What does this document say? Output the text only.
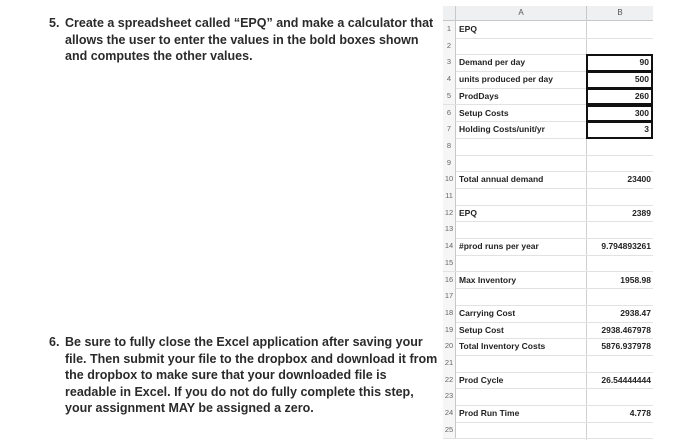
5. Create a spreadsheet called “EPQ” and make a calculator that allows the user to enter the values in the bold boxes shown and computes the other values.
6. Be sure to fully close the Excel application after saving your file. Then submit your file to the dropbox and download it from the dropbox to make sure that your downloaded file is readable in Excel. If you do not do fully complete this step, your assignment MAY be assigned a zero.
A	B
1 EPQ
2
3 Demand per day	90
4 units produced per day	500
5 ProdDays	260
6 Setup Costs	300
7 Holding Costs/unit/yr	3
8
9
10 Total annual demand	23400
11
12 EPQ	2389
13
14 #prod runs per year	9.794893261
15
16 Max Inventory	1958.98
17
18 Carrying Cost	2938.47
19 Setup Cost	2938.467978
20 Total Inventory Costs	5876.937978
21
22 Prod Cycle	26.54444444
23
24 Prod Run Time	4.778
25
